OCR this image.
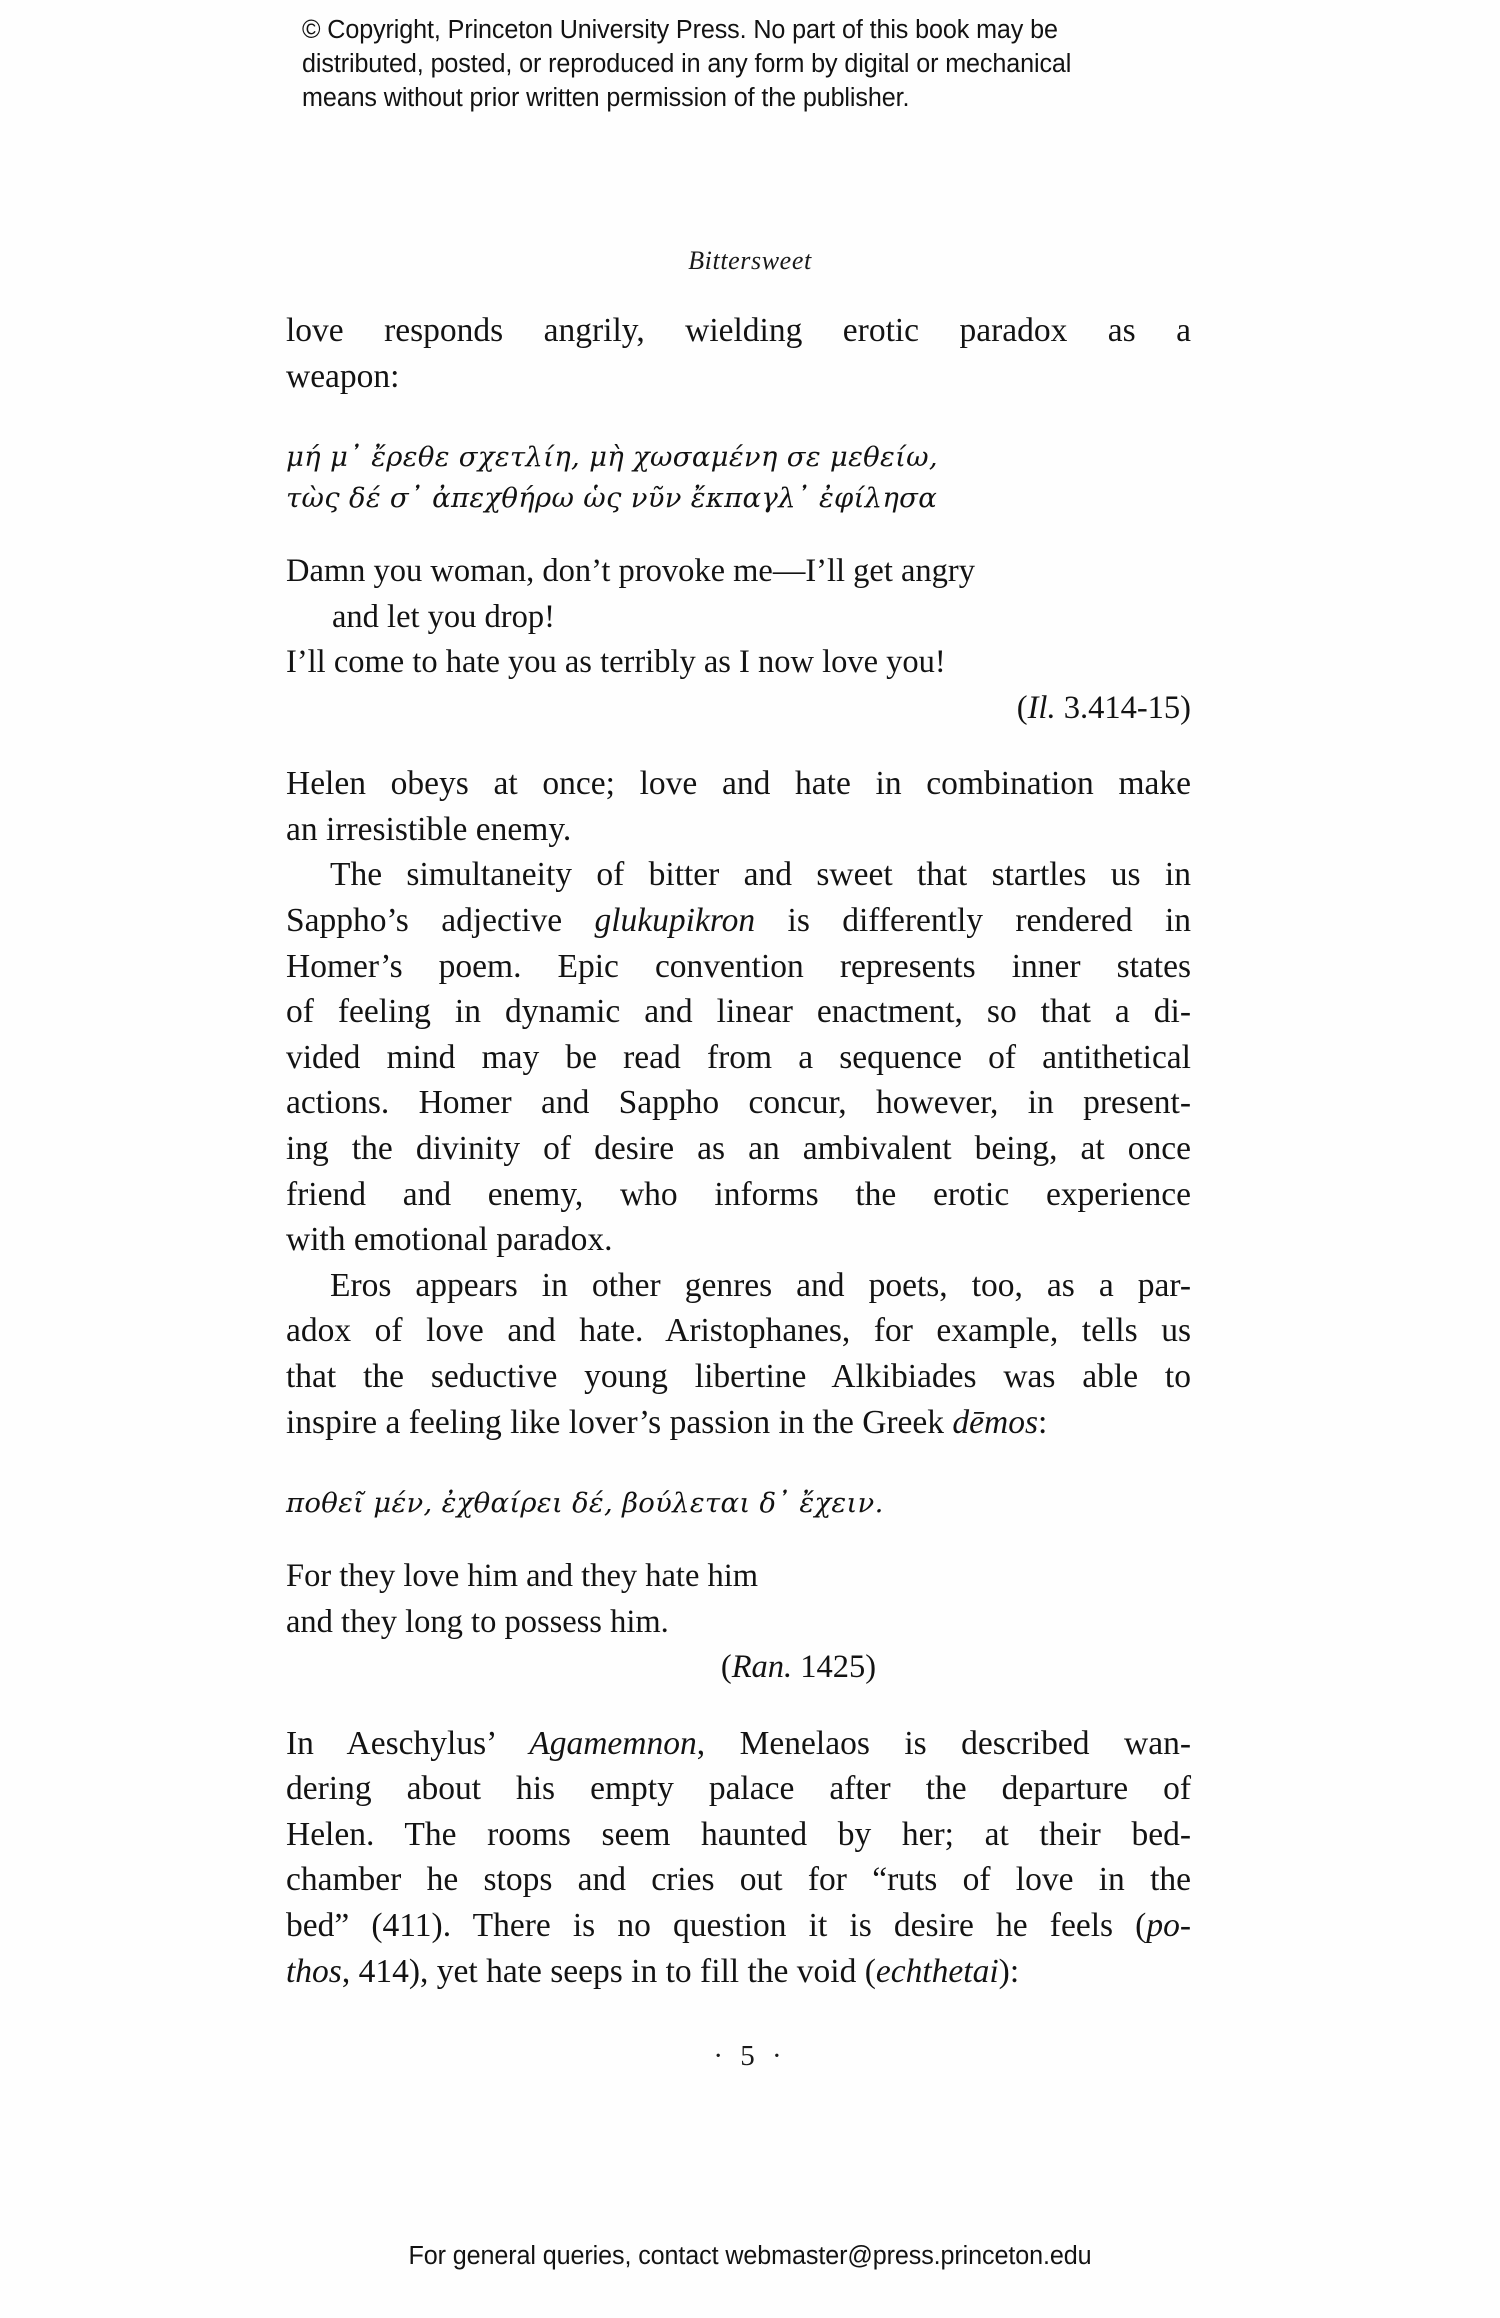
© Copyright, Princeton University Press. No part of this book may be
distributed, posted, or reproduced in any form by digital or mechanical
means without prior written permission of the publisher.
Bittersweet

love responds angrily, wielding erotic paradox as a
weapon:

μή μ᾽ ἔρεθε σχετλίη, μὴ χωσαμένη σε μεθείω,
τὼς δέ σ᾽ ἀπεχθήρω ὡς νῦν ἔκπαγλ᾽ ἐφίλησα
Damn you woman, don’t provoke me—I’ll get angry
and let you drop!
I’ll come to hate you as terribly as I now love you!
(Il. 3.414-15)

Helen obeys at once; love and hate in combination make
an irresistible enemy.

The simultaneity of bitter and sweet that startles us in
Sappho’s adjective glukupikron is differently rendered in
Homer’s poem. Epic convention represents inner states
of feeling in dynamic and linear enactment, so that a di-
vided mind may be read from a sequence of antithetical
actions. Homer and Sappho concur, however, in present-
ing the divinity of desire as an ambivalent being, at once
friend and enemy, who informs the erotic experience
with emotional paradox.

Eros appears in other genres and poets, too, as a par-
adox of love and hate. Aristophanes, for example, tells us
that the seductive young libertine Alkibiades was able to
inspire a feeling like lover’s passion in the Greek dēmos:

ποθεῖ μέν, ἐχθαίρει δέ, βούλεται δ᾽ ἔχειν.
For they love him and they hate him
and they long to possess him.
(Ran. 1425)

In Aeschylus’ Agamemnon, Menelaos is described wan-
dering about his empty palace after the departure of
Helen. The rooms seem haunted by her; at their bed-
chamber he stops and cries out for “ruts of love in the
bed” (411). There is no question it is desire he feels (po-
thos, 414), yet hate seeps in to fill the void (echthetai):

· 5 ·
For general queries, contact webmaster@press.princeton.edu
